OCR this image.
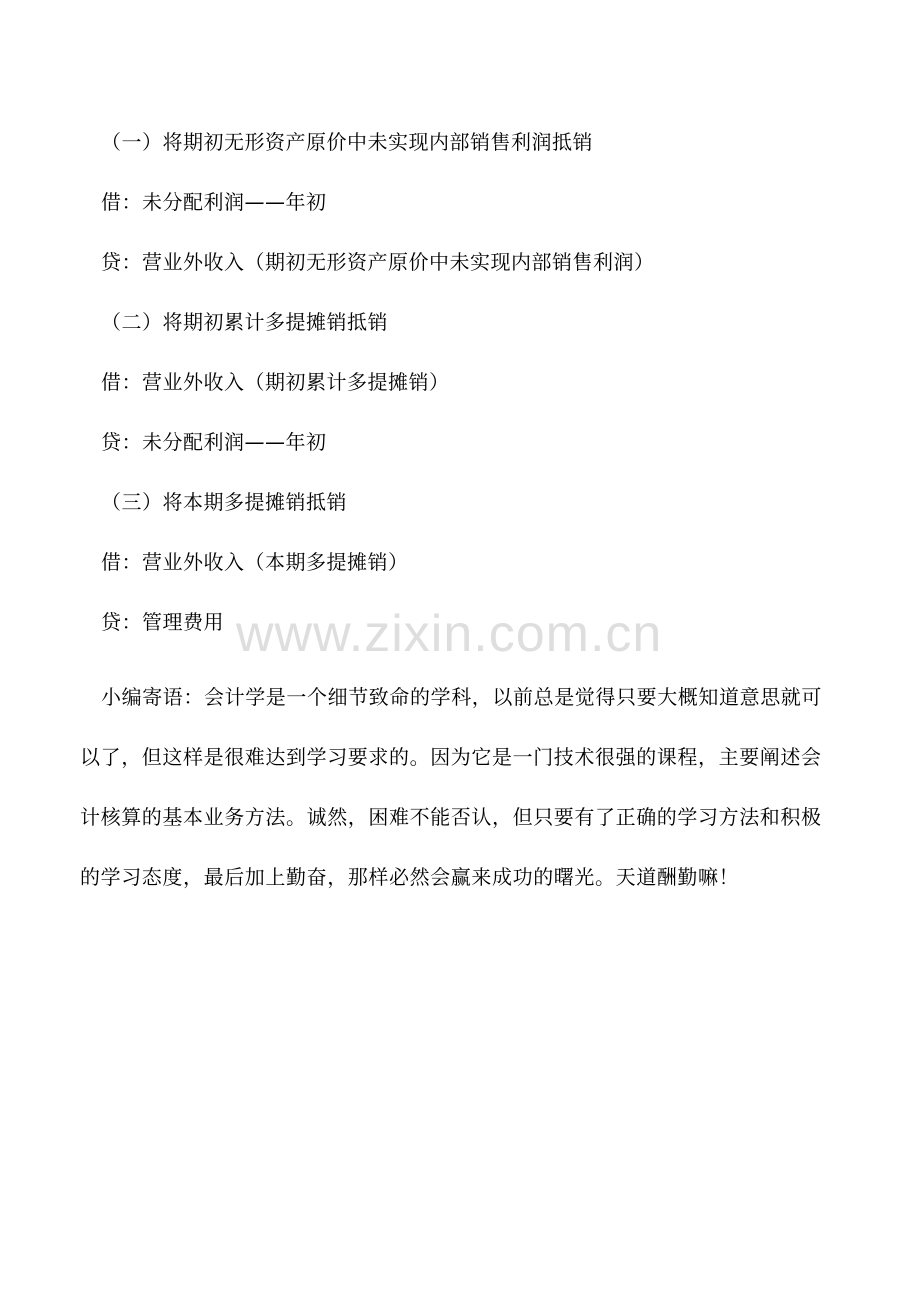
（一）将期初无形资产原价中未实现内部销售利润抵销
借：未分配利润——年初
贷：营业外收入（期初无形资产原价中未实现内部销售利润）
（二）将期初累计多提摊销抵销
借：营业外收入（期初累计多提摊销）
贷：未分配利润——年初
（三）将本期多提摊销抵销
借：营业外收入（本期多提摊销）
贷：管理费用 www.zixin.com.cn

小编寄语：会计学是一个细节致命的学科，以前总是觉得只要大概知道意思就可以了，但这样是很难达到学习要求的。因为它是一门技术很强的课程，主要阐述会计核算的基本业务方法。诚然，困难不能否认，但只要有了正确的学习方法和积极的学习态度，最后加上勤奋，那样必然会赢来成功的曙光。天道酬勤嘛！
